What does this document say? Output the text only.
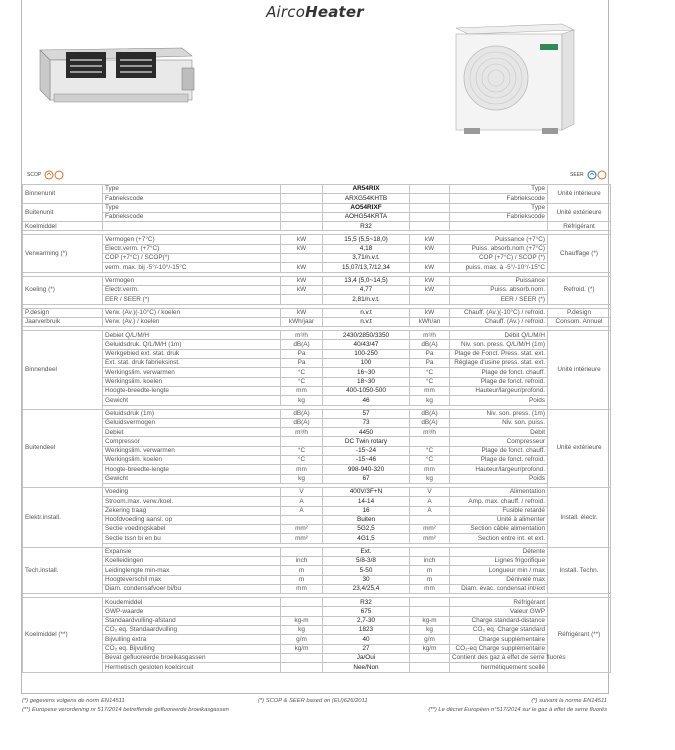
AircoHeater
SCOP	SEER
Binnenunit	Type		AR54RIX		Type	Unité intérieure
	Fabriekscode		ARXG54KHTB		Fabriekscode	
Buitenunit	Type		AO54RIXF		Type	Unité extérieure
	Fabriekscode		AOHG54KRTA		Fabriekscode	
Koelmiddel			R32			Réfrigérant

Verwarming (*)	Vermogen (+7°C)	kW	15,5 (5,5~18,0)	kW	Puissance (+7°C)	Chauffage (*)
	Electr.verm. (+7°C)	kW	4,18	kW	Puiss. absorb.nom (+7°C)	
	COP (+7°C) / SCOP(*)		3,71/n.v.t.		COP (+7°C) / SCOP (*)	
	verm. max. bij -5°/-10°/-15°C	kW	15,07/13,7/12,34	kW	puiss. max. à -5°/-10°/-15°C	

Koeling (*)	Vermogen	kW	13,4 (5,0~14,5)	kW	Puissance	Refroid. (*)
	Electr.verm.	kW	4,77	kW	Puiss. absorb.nom.	
	EER / SEER (*)		2,81/n.v.t.		EER / SEER (*)	

P.design	Verw. (Av.)(-10°C) / koelen	kW	n.v.t	kW	Chauff. (Av.)(-10°C) / refroid.	P.design
Jaarverbruik	Verw. (Av.) / koelen	kWh/jaar	n.v.t	kWh/an	Chauff. (Av.) / refroid.	Consom. Annuel

Binnendeel	Debiet Q/L/M/H	m³/h	2430/2850/3350	m³/h	Débit Q/L/M/H	Unité intérieure
	Geluidsdruk. Q/L/M/H (1m)	dB(A)	40/43/47	dB(A)	Niv. son. press. Q/L/M/H (1m)	
	Werkgebied ext. stat. druk	Pa	100-250	Pa	Plage de Fonct. Press. stat. ext.	
	Ext. stat. druk fabrieksinst.	Pa	100	Pa	Réglage d'usine press. stat. ext.	
	Werkingslim. verwarmen	°C	16~30	°C	Plage de fonct. chauff.	
	Werkingslim. koelen	°C	18~30	°C	Plage de fonct. refroid.	
	Hoogte-breedte-lengte	mm	400-1050-500	mm	Hauteur/largeur/profond.	
	Gewicht	kg	46	kg	Poids	

Buitendeel	Geluidsdruk (1m)	dB(A)	57	dB(A)	Niv. son. press. (1m)	Unité extérieure
	Geluidsvermogen	dB(A)	73	dB(A)	Niv. son. puiss.	
	Debiet	m³/h	4450	m³/h	Débit	
	Compressor		DC Twin rotary		Compresseur	
	Werkingslim. verwarmen	°C	-15~24	°C	Plage de fonct. chauff.	
	Werkingslim. koelen	°C	-15~46	°C	Plage de fonct. refroid.	
	Hoogte-breedte-lengte	mm	998-940-320	mm	Hauteur/largeur/profond.	
	Gewicht	kg	67	kg	Poids	

Elektr.install.	Voeding	V	400V/3F+N	V	Alimentation	Install. électr.
	Stroom.max. verw./koel.	A	14-14	A	Amp. max. chauff. / refroid.	
	Zekering traag	A	16	A	Fusible retardé	
	Hoofdvoeding aansl. op		Buiten		Unité à alimenter	
	Sectie voedingskabel	mm²	5G2,5	mm²	Section câble alimentation	
	Sectie tssn bi en bu	mm²	4G1,5	mm²	Section entre int. et ext.	

Tech.install.	Expansie		Ext.		Détente	Install. Techn.
	Koelleidingen	inch	5/8-3/8	inch	Lignes frigorifique	
	Leidinglengte min-max	m	5-50	m	Longueur min / max	
	Hoogteverschil max	m	30	m	Dénivelé max	
	Diam. condensafvoer bi/bu	mm	23,4/25,4	mm	Diam. évac. condensat int/ext	

Koelmiddel (**)	Koudemiddel		R32		Réfrigérant	Réfrigérant (**)
	GWP-waarde		675		Valeur GWP	
	Standaardvulling-afstand	kg-m	2,7-30	kg-m	Charge standard-distance	
	CO₂ eq. Standaardvulling	kg	1823	kg	CO₂ eq. Charge standard	
	Bijvulling extra	g/m	40	g/m	Charge supplémentaire	
	CO₂ eq. Bijvulling	kg/m	27	kg/m	CO₂-eq Charge supplémentaire	
	Bevat gefluoreerde broeikasgassen		Ja/Oui		Contient des gaz à effet de serre fluorés	
	Hermetisch gesloten koelcircuit		Nee/Non		hermétiquement scellé	
(*) gegevens volgens de norm EN14511
(**) Europese verordening nr 517/2014 betreffende gefluoreerde broeikasgassen
(*) SCOP & SEER based on (EU)626/2011	(*) suivant la norme EN14511
(**) Le décret Européen n°517/2014 sur le gaz à effet de serre fluorés
